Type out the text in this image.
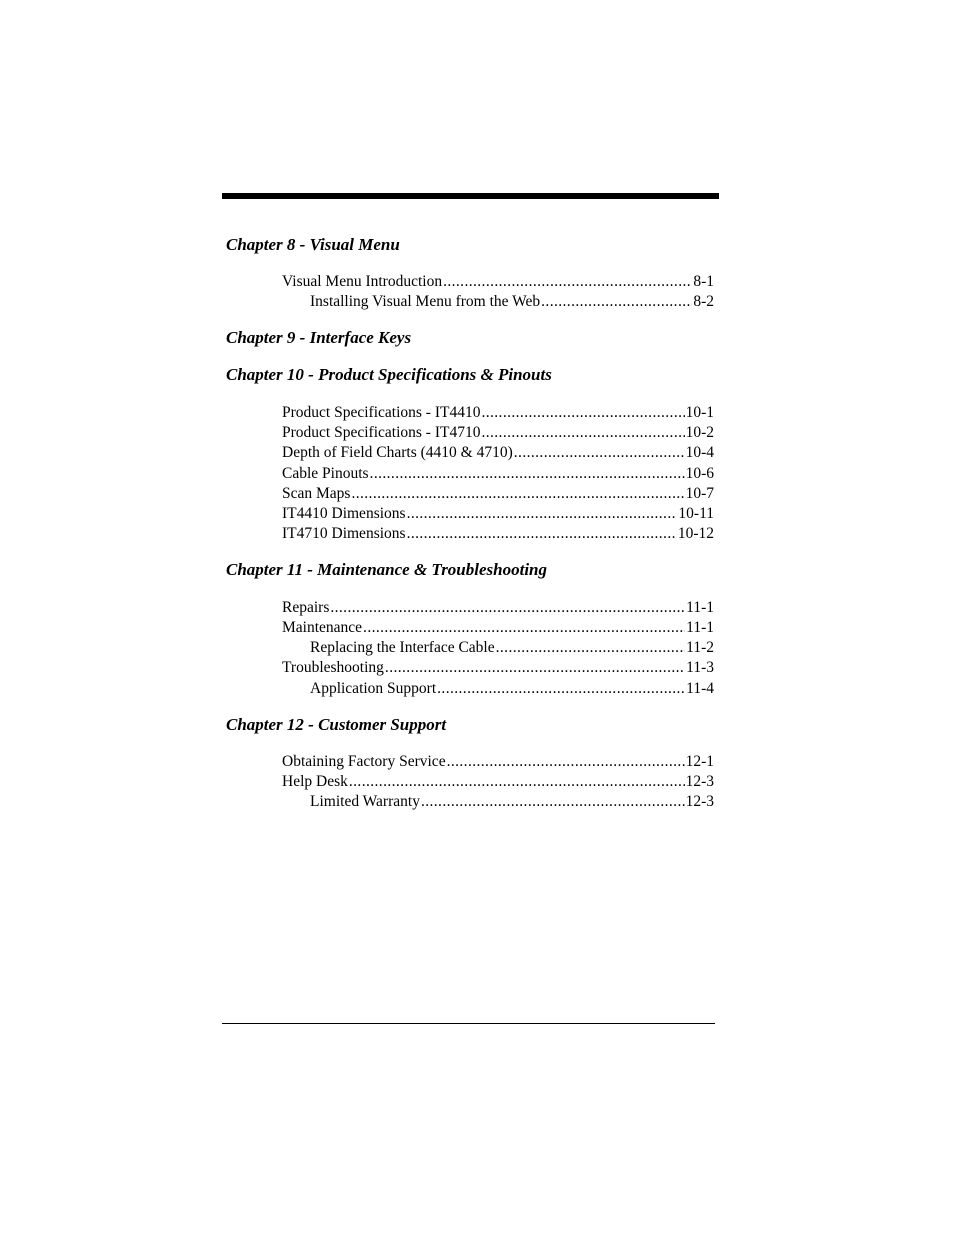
Chapter 8 - Visual Menu
Visual Menu Introduction .....	8-1
Installing Visual Menu from the Web .....	8-2
Chapter 9 - Interface Keys
Chapter 10 - Product Specifications & Pinouts
Product Specifications - IT4410 .....	10-1
Product Specifications - IT4710 .....	10-2
Depth of Field Charts (4410 & 4710) .....	10-4
Cable Pinouts .....	10-6
Scan Maps .....	10-7
IT4410 Dimensions .....	10-11
IT4710 Dimensions .....	10-12
Chapter 11 - Maintenance & Troubleshooting
Repairs .....	11-1
Maintenance .....	11-1
Replacing the Interface Cable .....	11-2
Troubleshooting .....	11-3
Application Support .....	11-4
Chapter 12 - Customer Support
Obtaining Factory Service .....	12-1
Help Desk .....	12-3
Limited Warranty .....	12-3
